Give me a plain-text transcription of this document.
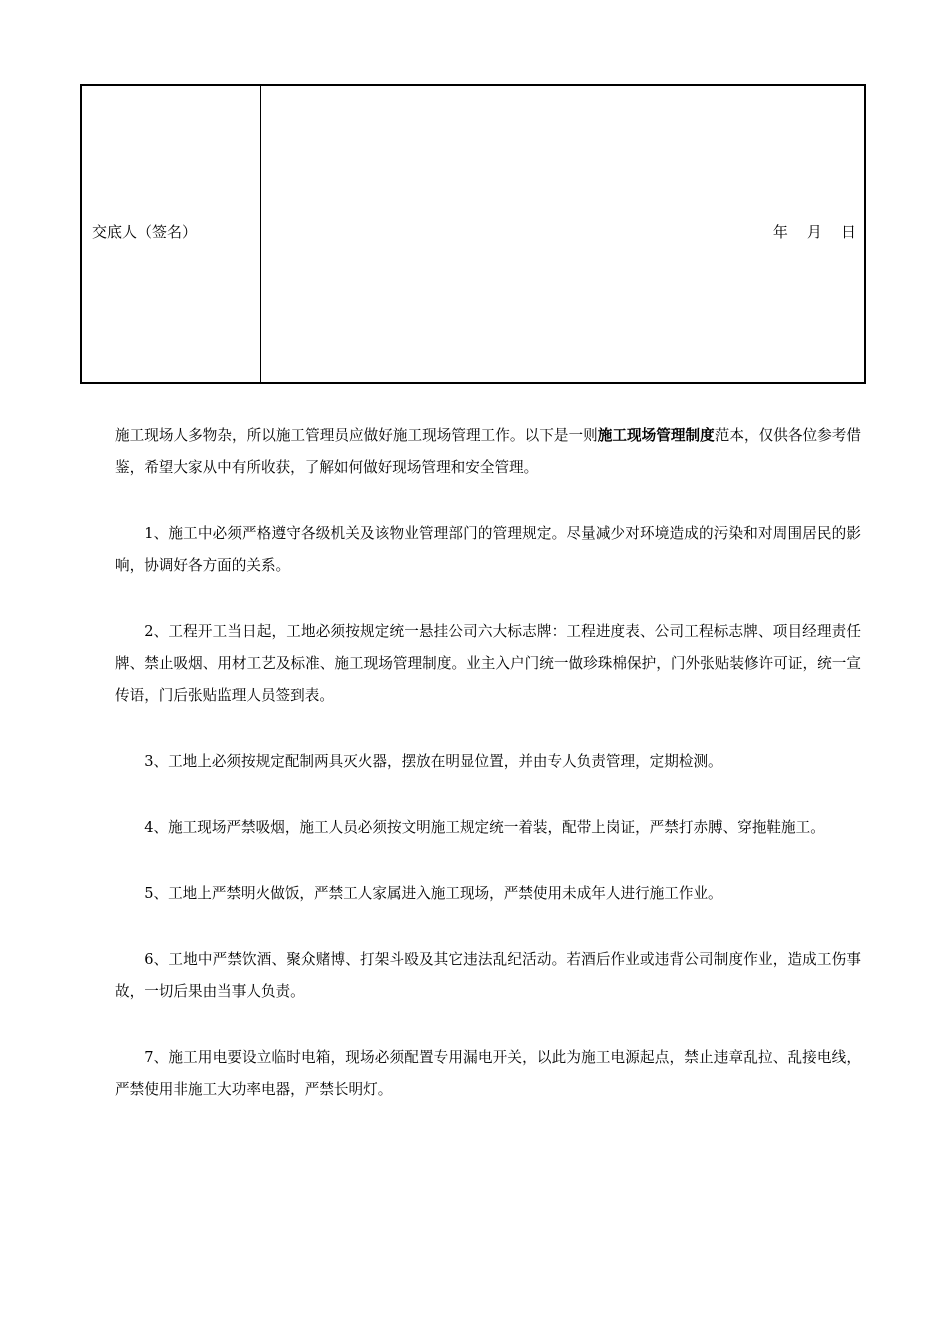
交底人（签名）	年    月    日

施工现场人多物杂，所以施工管理员应做好施工现场管理工作。以下是一则施工现场管理制度范本，仅供各位参考借鉴，希望大家从中有所收获，了解如何做好现场管理和安全管理。

1、施工中必须严格遵守各级机关及该物业管理部门的管理规定。尽量减少对环境造成的污染和对周围居民的影响，协调好各方面的关系。

2、工程开工当日起，工地必须按规定统一悬挂公司六大标志牌：工程进度表、公司工程标志牌、项目经理责任牌、禁止吸烟、用材工艺及标准、施工现场管理制度。业主入户门统一做珍珠棉保护，门外张贴装修许可证，统一宣传语，门后张贴监理人员签到表。

3、工地上必须按规定配制两具灭火器，摆放在明显位置，并由专人负责管理，定期检测。

4、施工现场严禁吸烟，施工人员必须按文明施工规定统一着装，配带上岗证，严禁打赤膊、穿拖鞋施工。

5、工地上严禁明火做饭，严禁工人家属进入施工现场，严禁使用未成年人进行施工作业。

6、工地中严禁饮酒、聚众赌博、打架斗殴及其它违法乱纪活动。若酒后作业或违背公司制度作业，造成工伤事故，一切后果由当事人负责。

7、施工用电要设立临时电箱，现场必须配置专用漏电开关，以此为施工电源起点，禁止违章乱拉、乱接电线，严禁使用非施工大功率电器，严禁长明灯。
